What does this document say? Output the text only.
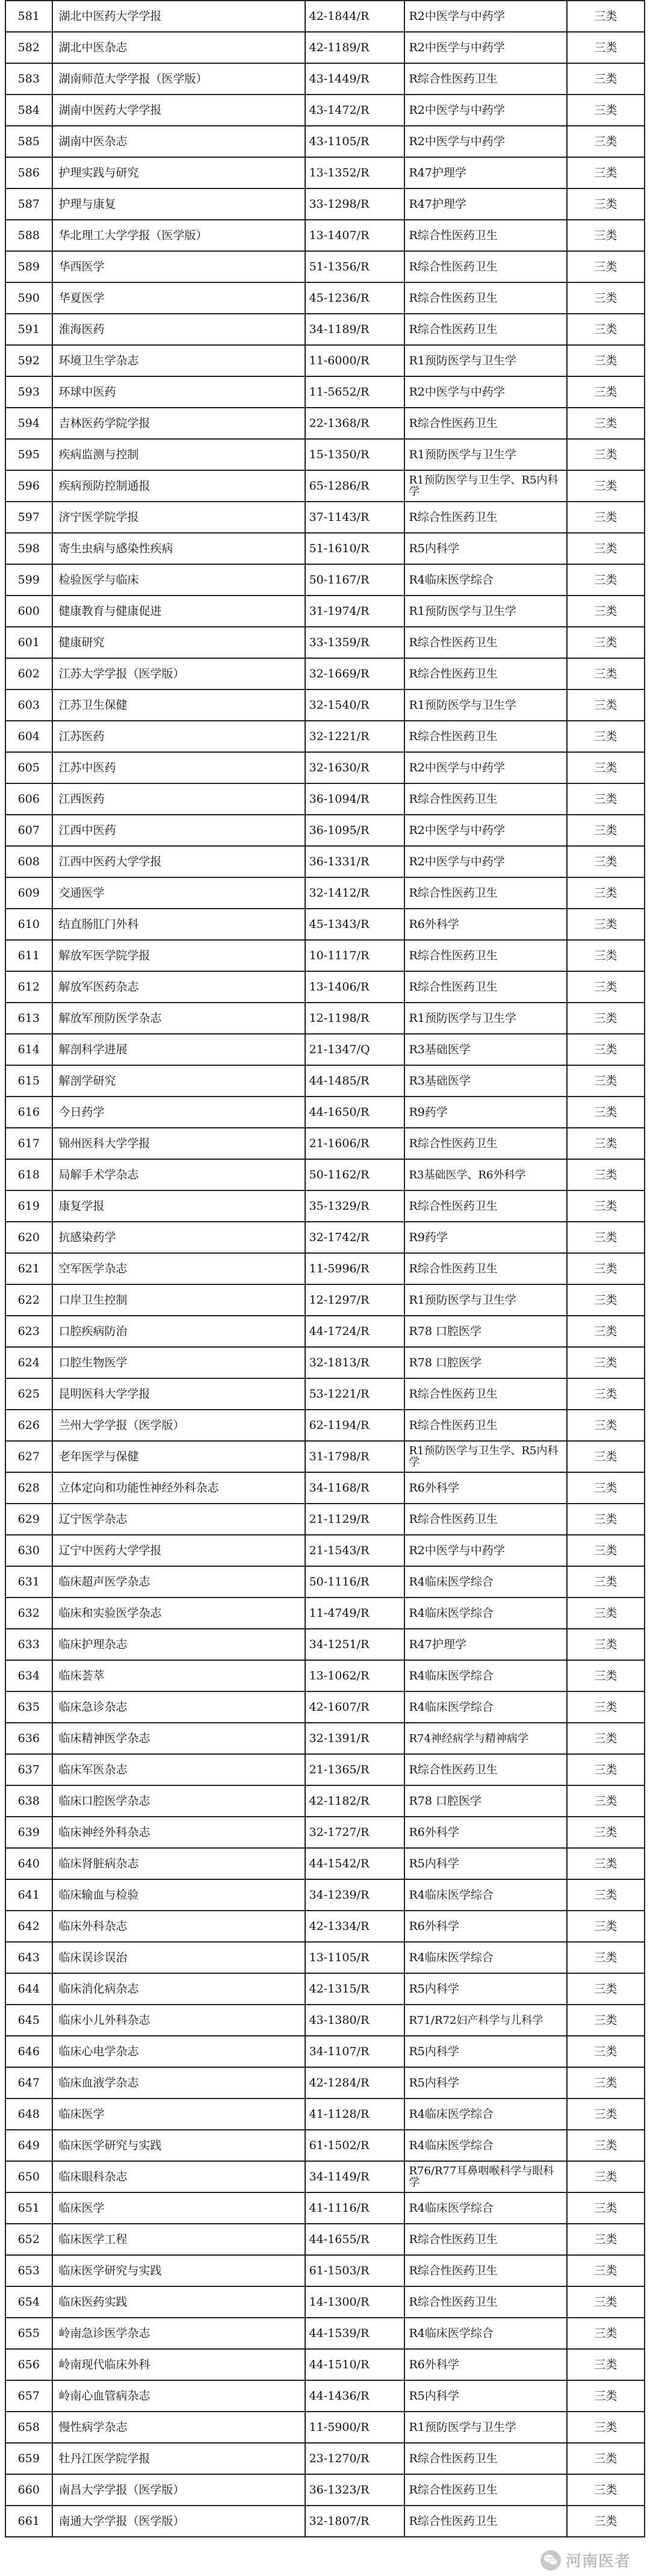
581	湖北中医药大学学报	42-1844/R	R2中医学与中药学	三类
582	湖北中医杂志	42-1189/R	R2中医学与中药学	三类
583	湖南师范大学学报（医学版）	43-1449/R	R综合性医药卫生	三类
584	湖南中医药大学学报	43-1472/R	R2中医学与中药学	三类
585	湖南中医杂志	43-1105/R	R2中医学与中药学	三类
586	护理实践与研究	13-1352/R	R47护理学	三类
587	护理与康复	33-1298/R	R47护理学	三类
588	华北理工大学学报（医学版）	13-1407/R	R综合性医药卫生	三类
589	华西医学	51-1356/R	R综合性医药卫生	三类
590	华夏医学	45-1236/R	R综合性医药卫生	三类
591	淮海医药	34-1189/R	R综合性医药卫生	三类
592	环境卫生学杂志	11-6000/R	R1预防医学与卫生学	三类
593	环球中医药	11-5652/R	R2中医学与中药学	三类
594	吉林医药学院学报	22-1368/R	R综合性医药卫生	三类
595	疾病监测与控制	15-1350/R	R1预防医学与卫生学	三类
596	疾病预防控制通报	65-1286/R	R1预防医学与卫生学、R5内科学	三类
597	济宁医学院学报	37-1143/R	R综合性医药卫生	三类
598	寄生虫病与感染性疾病	51-1610/R	R5内科学	三类
599	检验医学与临床	50-1167/R	R4临床医学综合	三类
600	健康教育与健康促进	31-1974/R	R1预防医学与卫生学	三类
601	健康研究	33-1359/R	R综合性医药卫生	三类
602	江苏大学学报（医学版）	32-1669/R	R综合性医药卫生	三类
603	江苏卫生保健	32-1540/R	R1预防医学与卫生学	三类
604	江苏医药	32-1221/R	R综合性医药卫生	三类
605	江苏中医药	32-1630/R	R2中医学与中药学	三类
606	江西医药	36-1094/R	R综合性医药卫生	三类
607	江西中医药	36-1095/R	R2中医学与中药学	三类
608	江西中医药大学学报	36-1331/R	R2中医学与中药学	三类
609	交通医学	32-1412/R	R综合性医药卫生	三类
610	结直肠肛门外科	45-1343/R	R6外科学	三类
611	解放军医学院学报	10-1117/R	R综合性医药卫生	三类
612	解放军医药杂志	13-1406/R	R综合性医药卫生	三类
613	解放军预防医学杂志	12-1198/R	R1预防医学与卫生学	三类
614	解剖科学进展	21-1347/Q	R3基础医学	三类
615	解剖学研究	44-1485/R	R3基础医学	三类
616	今日药学	44-1650/R	R9药学	三类
617	锦州医科大学学报	21-1606/R	R综合性医药卫生	三类
618	局解手术学杂志	50-1162/R	R3基础医学、R6外科学	三类
619	康复学报	35-1329/R	R综合性医药卫生	三类
620	抗感染药学	32-1742/R	R9药学	三类
621	空军医学杂志	11-5996/R	R综合性医药卫生	三类
622	口岸卫生控制	12-1297/R	R1预防医学与卫生学	三类
623	口腔疾病防治	44-1724/R	R78 口腔医学	三类
624	口腔生物医学	32-1813/R	R78 口腔医学	三类
625	昆明医科大学学报	53-1221/R	R综合性医药卫生	三类
626	兰州大学学报（医学版）	62-1194/R	R综合性医药卫生	三类
627	老年医学与保健	31-1798/R	R1预防医学与卫生学、R5内科学	三类
628	立体定向和功能性神经外科杂志	34-1168/R	R6外科学	三类
629	辽宁医学杂志	21-1129/R	R综合性医药卫生	三类
630	辽宁中医药大学学报	21-1543/R	R2中医学与中药学	三类
631	临床超声医学杂志	50-1116/R	R4临床医学综合	三类
632	临床和实验医学杂志	11-4749/R	R4临床医学综合	三类
633	临床护理杂志	34-1251/R	R47护理学	三类
634	临床荟萃	13-1062/R	R4临床医学综合	三类
635	临床急诊杂志	42-1607/R	R4临床医学综合	三类
636	临床精神医学杂志	32-1391/R	R74神经病学与精神病学	三类
637	临床军医杂志	21-1365/R	R综合性医药卫生	三类
638	临床口腔医学杂志	42-1182/R	R78 口腔医学	三类
639	临床神经外科杂志	32-1727/R	R6外科学	三类
640	临床肾脏病杂志	44-1542/R	R5内科学	三类
641	临床输血与检验	34-1239/R	R4临床医学综合	三类
642	临床外科杂志	42-1334/R	R6外科学	三类
643	临床误诊误治	13-1105/R	R4临床医学综合	三类
644	临床消化病杂志	42-1315/R	R5内科学	三类
645	临床小儿外科杂志	43-1380/R	R71/R72妇产科学与儿科学	三类
646	临床心电学杂志	34-1107/R	R5内科学	三类
647	临床血液学杂志	42-1284/R	R5内科学	三类
648	临床医学	41-1128/R	R4临床医学综合	三类
649	临床医学研究与实践	61-1502/R	R4临床医学综合	三类
650	临床眼科杂志	34-1149/R	R76/R77耳鼻咽喉科学与眼科学	三类
651	临床医学	41-1116/R	R4临床医学综合	三类
652	临床医学工程	44-1655/R	R综合性医药卫生	三类
653	临床医学研究与实践	61-1503/R	R综合性医药卫生	三类
654	临床医药实践	14-1300/R	R综合性医药卫生	三类
655	岭南急诊医学杂志	44-1539/R	R4临床医学综合	三类
656	岭南现代临床外科	44-1510/R	R6外科学	三类
657	岭南心血管病杂志	44-1436/R	R5内科学	三类
658	慢性病学杂志	11-5900/R	R1预防医学与卫生学	三类
659	牡丹江医学院学报	23-1270/R	R综合性医药卫生	三类
660	南昌大学学报（医学版）	36-1323/R	R综合性医药卫生	三类
661	南通大学学报（医学版）	32-1807/R	R综合性医药卫生	三类
河南医者
